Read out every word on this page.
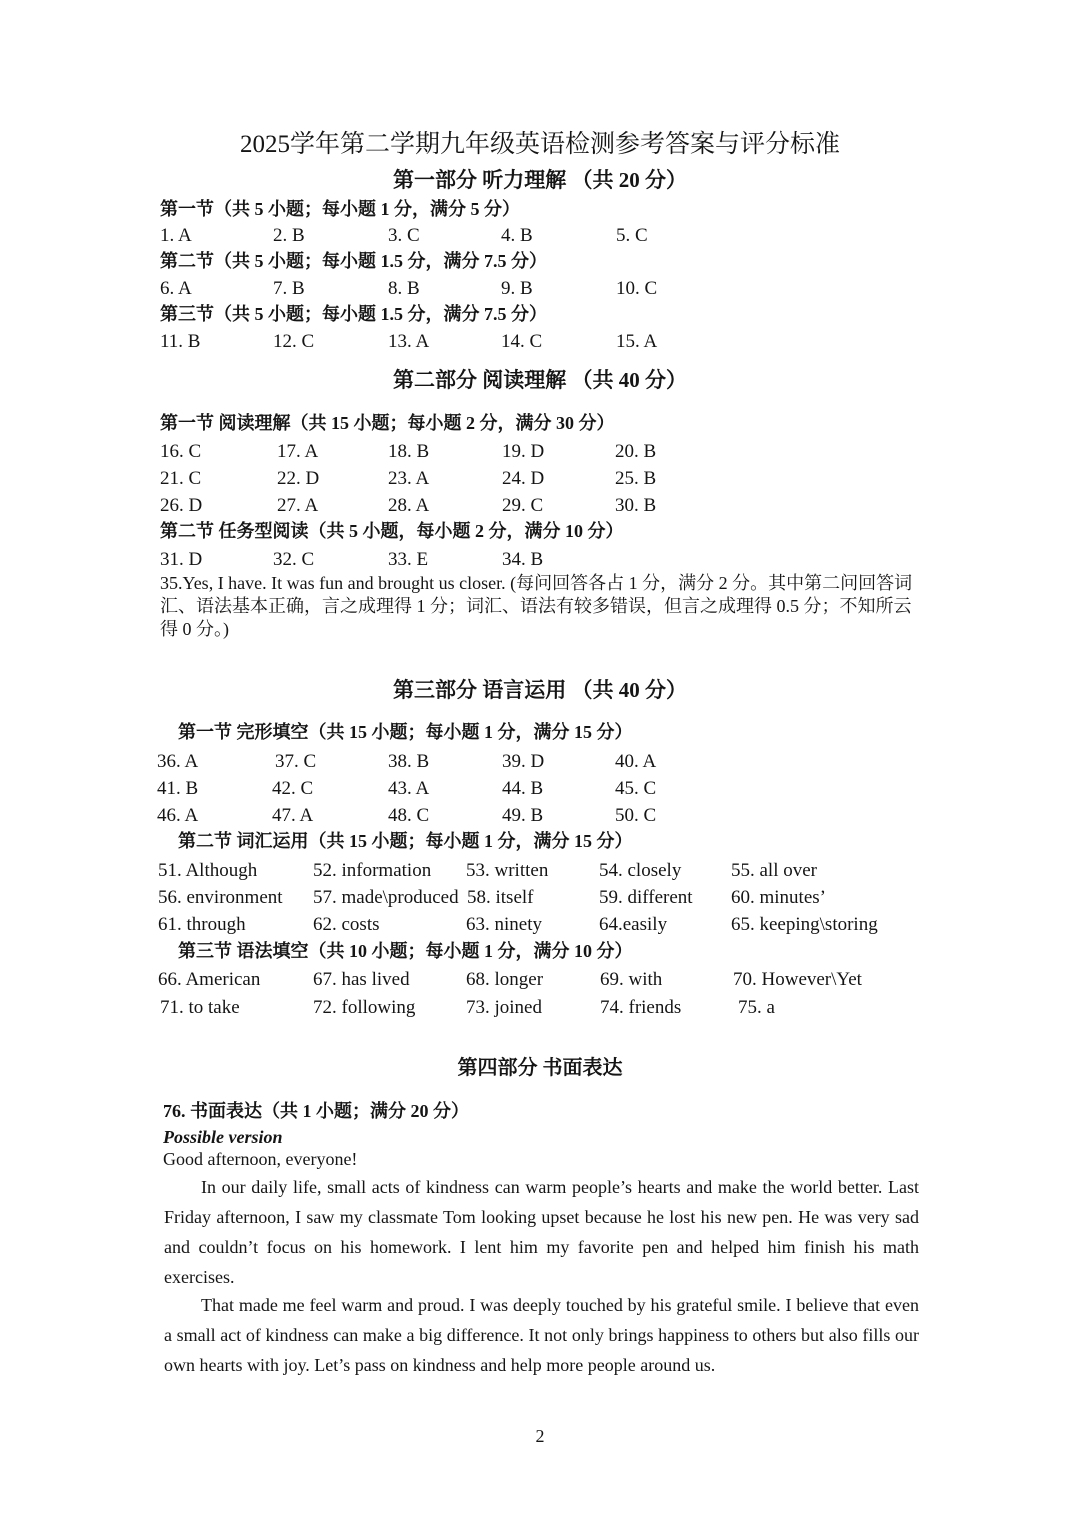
2025学年第二学期九年级英语检测参考答案与评分标准
第一部分 听力理解 （共 20 分）
第一节（共 5 小题；每小题 1 分，满分 5 分）
1. A	2. B	3. C	4. B	5. C
第二节（共 5 小题；每小题 1.5 分，满分 7.5 分）
6. A	7. B	8. B	9. B	10. C
第三节（共 5 小题；每小题 1.5 分，满分 7.5 分）
11. B	12. C	13. A	14. C	15. A
第二部分 阅读理解 （共 40 分）
第一节 阅读理解（共 15 小题；每小题 2 分，满分 30 分）
16. C	17. A	18. B	19. D	20. B
21. C	22. D	23. A	24. D	25. B
26. D	27. A	28. A	29. C	30. B
第二节 任务型阅读（共 5 小题，每小题 2 分，满分 10 分）
31. D	32. C	33. E	34. B

35.Yes, I have. It was fun and brought us closer. (每问回答各占 1 分，满分 2 分。其中第二问回答词汇、语法基本正确，言之成理得 1 分；词汇、语法有较多错误，但言之成理得 0.5 分；不知所云得 0 分。)

第三部分 语言运用 （共 40 分）
第一节 完形填空（共 15 小题；每小题 1 分，满分 15 分）
36. A	37. C	38. B	39. D	40. A
41. B	42. C	43. A	44. B	45. C
46. A	47. A	48. C	49. B	50. C
第二节 词汇运用（共 15 小题；每小题 1 分，满分 15 分）
51. Although	52. information 53. written	54. closely	55. all over
56. environment 57. made\produced 58. itself	59. different 60. minutes’
61. through	62. costs	63. ninety	64.easily	65. keeping\storing
第三节 语法填空（共 10 小题；每小题 1 分，满分 10 分）
66. American	67. has lived	68. longer	69. with	70. However\Yet
71. to take	72. following	73. joined	74. friends	75. a
第四部分 书面表达
76. 书面表达（共 1 小题；满分 20 分）
Possible version
Good afternoon, everyone!

In our daily life, small acts of kindness can warm people’s hearts and make the world better. Last Friday afternoon, I saw my classmate Tom looking upset because he lost his new pen. He was very sad and couldn’t focus on his homework. I lent him my favorite pen and helped him finish his math exercises.

That made me feel warm and proud. I was deeply touched by his grateful smile. I believe that even a small act of kindness can make a big difference. It not only brings happiness to others but also fills our own hearts with joy. Let’s pass on kindness and help more people around us.

2
